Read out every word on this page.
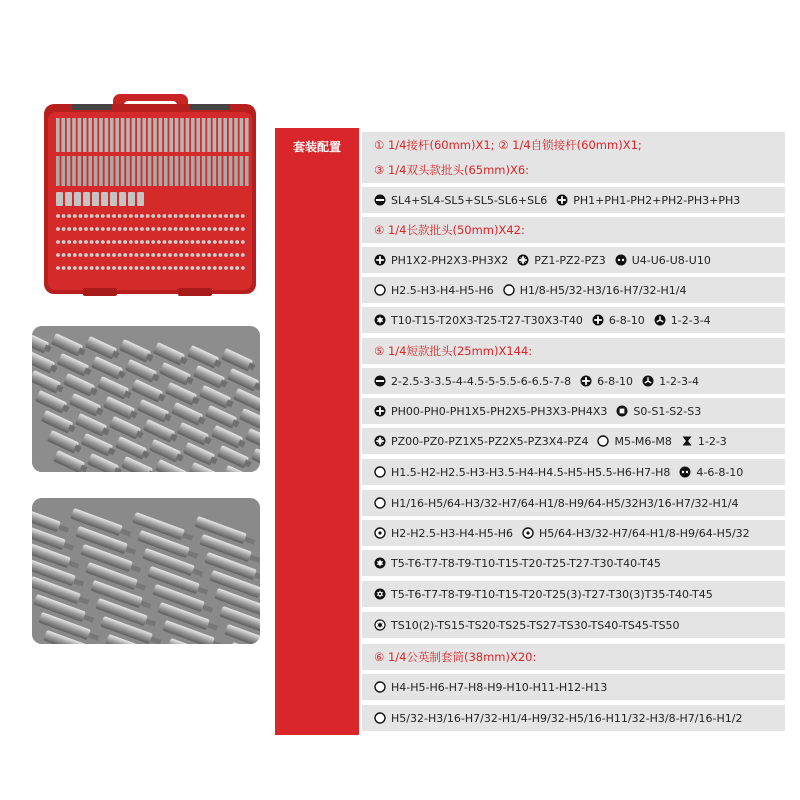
套装配置	① 1/4接杆(60mm)X1; ② 1/4自锁接杆(60mm)X1;
③ 1/4双头款批头(65mm)X6:
SL4+SL4-SL5+SL5-SL6+SL6 PH1+PH1-PH2+PH2-PH3+PH3
④ 1/4长款批头(50mm)X42:
PH1X2-PH2X3-PH3X2 PZ1-PZ2-PZ3 U4-U6-U8-U10
H2.5-H3-H4-H5-H6 H1/8-H5/32-H3/16-H7/32-H1/4
T10-T15-T20X3-T25-T27-T30X3-T40 6-8-10 1-2-3-4
⑤ 1/4短款批头(25mm)X144:
2-2.5-3-3.5-4-4.5-5-5.5-6-6.5-7-8 6-8-10 1-2-3-4
PH00-PH0-PH1X5-PH2X5-PH3X3-PH4X3 S0-S1-S2-S3
PZ00-PZ0-PZ1X5-PZ2X5-PZ3X4-PZ4 M5-M6-M8 1-2-3
H1.5-H2-H2.5-H3-H3.5-H4-H4.5-H5-H5.5-H6-H7-H8 4-6-8-10
H1/16-H5/64-H3/32-H7/64-H1/8-H9/64-H5/32H3/16-H7/32-H1/4
H2-H2.5-H3-H4-H5-H6 H5/64-H3/32-H7/64-H1/8-H9/64-H5/32
T5-T6-T7-T8-T9-T10-T15-T20-T25-T27-T30-T40-T45
T5-T6-T7-T8-T9-T10-T15-T20-T25(3)-T27-T30(3)T35-T40-T45
TS10(2)-TS15-TS20-TS25-TS27-TS30-TS40-TS45-TS50
⑥ 1/4公英制套筒(38mm)X20:
H4-H5-H6-H7-H8-H9-H10-H11-H12-H13
H5/32-H3/16-H7/32-H1/4-H9/32-H5/16-H11/32-H3/8-H7/16-H1/2
